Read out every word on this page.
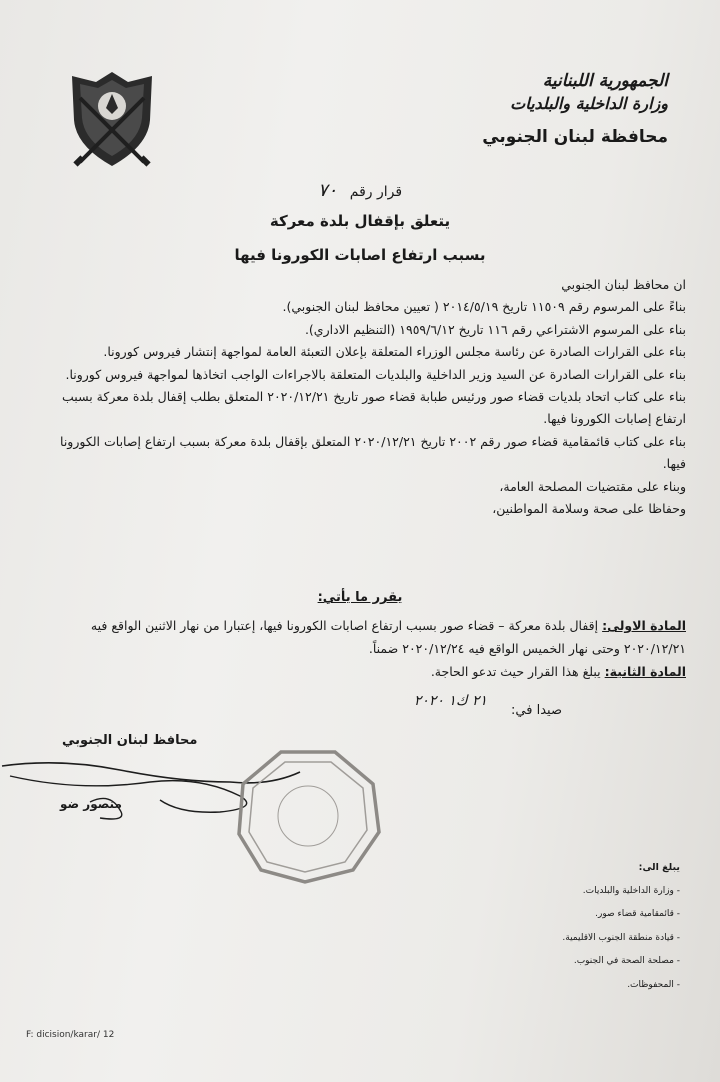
الجمهورية اللبنانية
وزارة الداخلية والبلديات
محافظة لبنان الجنوبي
قرار رقم ٧٠
يتعلق بإقفال بلدة معركة
بسبب ارتفاع اصابات الكورونا فيها

ان محافظ لبنان الجنوبي

بناءً على المرسوم رقم ١١٥٠٩ تاريخ ٢٠١٤/٥/١٩ ( تعيين محافظ لبنان الجنوبي).

بناء على المرسوم الاشتراعي رقم ١١٦ تاريخ ١٩٥٩/٦/١٢ (التنظيم الاداري).

بناء على القرارات الصادرة عن رئاسة مجلس الوزراء المتعلقة بإعلان التعبئة العامة لمواجهة إنتشار فيروس كورونا.

بناء على القرارات الصادرة عن السيد وزير الداخلية والبلديات المتعلقة بالاجراءات الواجب اتخاذها لمواجهة فيروس كورونا.

بناء على كتاب اتحاد بلديات قضاء صور ورئيس طبابة قضاء صور تاريخ ٢٠٢٠/١٢/٢١ المتعلق بطلب إقفال بلدة معركة بسبب ارتفاع إصابات الكورونا فيها.

بناء على كتاب قائمقامية قضاء صور رقم ٢٠٠٢ تاريخ ٢٠٢٠/١٢/٢١ المتعلق بإقفال بلدة معركة بسبب ارتفاع إصابات الكورونا فيها.

وبناء على مقتضيات المصلحة العامة،

وحفاظا على صحة وسلامة المواطنين،

يقرر ما يأتي:

المادة الاولى: إقفال بلدة معركة – قضاء صور بسبب ارتفاع اصابات الكورونا فيها، إعتبارا من نهار الاثنين الواقع فيه ٢٠٢٠/١٢/٢١ وحتى نهار الخميس الواقع فيه ٢٠٢٠/١٢/٢٤ ضمناً.

المادة الثانية: يبلغ هذا القرار حيث تدعو الحاجة.

٢١ ك١ ٢٠٢٠
صيدا في:
محافظ لبنان الجنوبي
منصور ضو
يبلغ الى:
- وزارة الداخلية والبلديات.
- قائمقامية قضاء صور.
- قيادة منطقة الجنوب الاقليمية.
- مصلحة الصحة في الجنوب.
- المحفوظات.
F: dicision/karar/ 12
